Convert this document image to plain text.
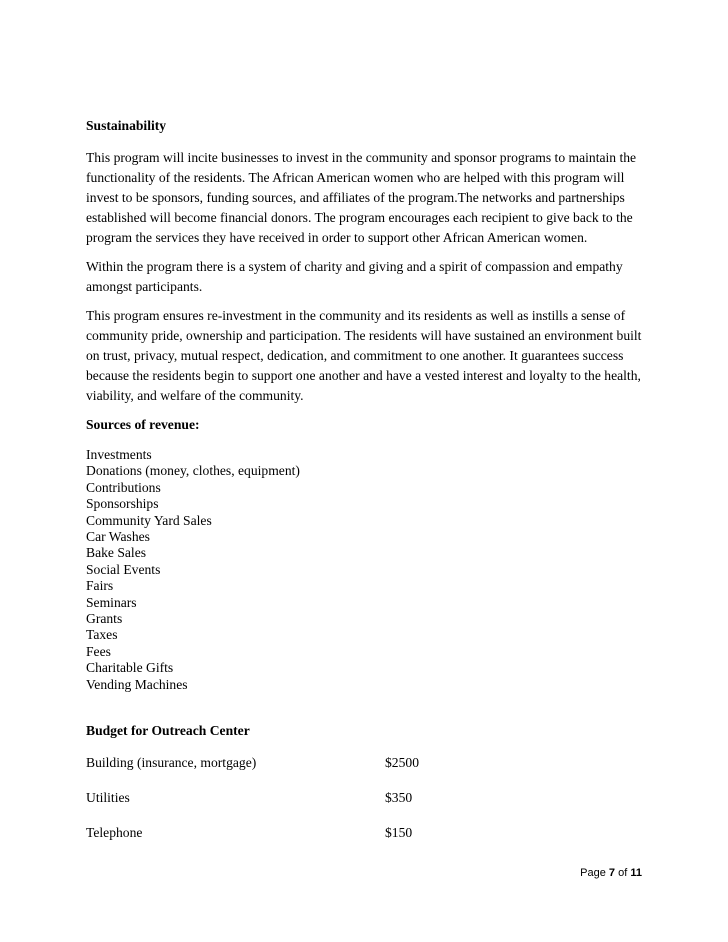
Sustainability

This program will incite businesses to invest in the community and sponsor programs to maintain the functionality of the residents. The African American women who are helped with this program will invest to be sponsors, funding sources, and affiliates of the program.The networks and partnerships established will become financial donors. The program encourages each recipient to give back to the program the services they have received in order to support other African American women.

Within the program there is a system of charity and giving and a spirit of compassion and empathy amongst participants.

This program ensures re-investment in the community and its residents as well as instills a sense of community pride, ownership and participation. The residents will have sustained an environment built on trust, privacy, mutual respect, dedication, and commitment to one another. It guarantees success because the residents begin to support one another and have a vested interest and loyalty to the health, viability, and welfare of the community.

Sources of revenue:

Investments
Donations (money, clothes, equipment)
Contributions
Sponsorships
Community Yard Sales
Car Washes
Bake Sales
Social Events
Fairs
Seminars
Grants
Taxes
Fees
Charitable Gifts
Vending Machines

Budget for Outreach Center

Building (insurance, mortgage)	$2500
Utilities	$350
Telephone	$150
Page 7 of 11
